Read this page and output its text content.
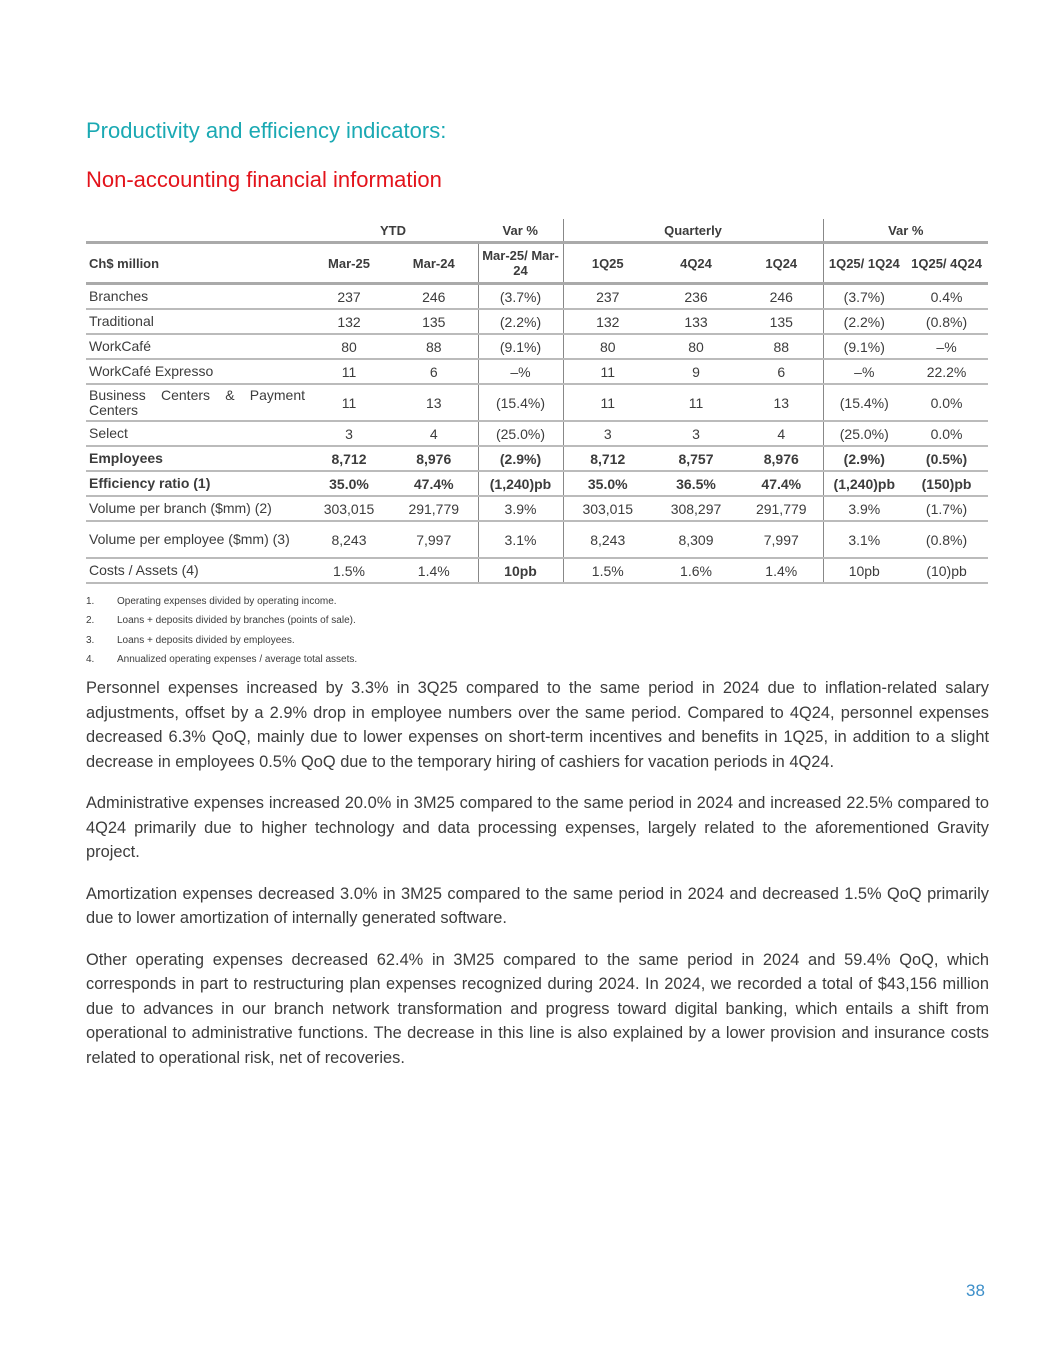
Productivity and efficiency indicators:
Non-accounting financial information
	YTD		Var %	Quarterly			Var %	
Ch$ million	Mar-25	Mar-24	Mar-25/ Mar-24	1Q25	4Q24	1Q24	1Q25/ 1Q24	1Q25/ 4Q24
Branches	237	246	(3.7%)	237	236	246	(3.7%)	0.4%
Traditional	132	135	(2.2%)	132	133	135	(2.2%)	(0.8%)
WorkCafé	80	88	(9.1%)	80	80	88	(9.1%)	–%
WorkCafé Expresso	11	6	–%	11	9	6	–%	22.2%
Business Centers & Payment Centers	11	13	(15.4%)	11	11	13	(15.4%)	0.0%
Select	3	4	(25.0%)	3	3	4	(25.0%)	0.0%
Employees	8,712	8,976	(2.9%)	8,712	8,757	8,976	(2.9%)	(0.5%)
Efficiency ratio (1)	35.0%	47.4%	(1,240)pb	35.0%	36.5%	47.4%	(1,240)pb	(150)pb
Volume per branch ($mm) (2)	303,015	291,779	3.9%	303,015	308,297	291,779	3.9%	(1.7%)
Volume per employee ($mm) (3)	8,243	7,997	3.1%	8,243	8,309	7,997	3.1%	(0.8%)
Costs / Assets (4)	1.5%	1.4%	10pb	1.5%	1.6%	1.4%	10pb	(10)pb
1. Operating expenses divided by operating income.
2. Loans + deposits divided by branches (points of sale).
3. Loans + deposits divided by employees.
4. Annualized operating expenses / average total assets.

Personnel expenses increased by 3.3% in 3Q25 compared to the same period in 2024 due to inflation-related salary adjustments, offset by a 2.9% drop in employee numbers over the same period. Compared to 4Q24, personnel expenses decreased 6.3% QoQ, mainly due to lower expenses on short-term incentives and benefits in 1Q25, in addition to a slight decrease in employees 0.5% QoQ due to the temporary hiring of cashiers for vacation periods in 4Q24.

Administrative expenses increased 20.0% in 3M25 compared to the same period in 2024 and increased 22.5% compared to 4Q24 primarily due to higher technology and data processing expenses, largely related to the aforementioned Gravity project.

Amortization expenses decreased 3.0% in 3M25 compared to the same period in 2024 and decreased 1.5% QoQ primarily due to lower amortization of internally generated software.

Other operating expenses decreased 62.4% in 3M25 compared to the same period in 2024 and 59.4% QoQ, which corresponds in part to restructuring plan expenses recognized during 2024. In 2024, we recorded a total of $43,156 million due to advances in our branch network transformation and progress toward digital banking, which entails a shift from operational to administrative functions. The decrease in this line is also explained by a lower provision and insurance costs related to operational risk, net of recoveries.

38
